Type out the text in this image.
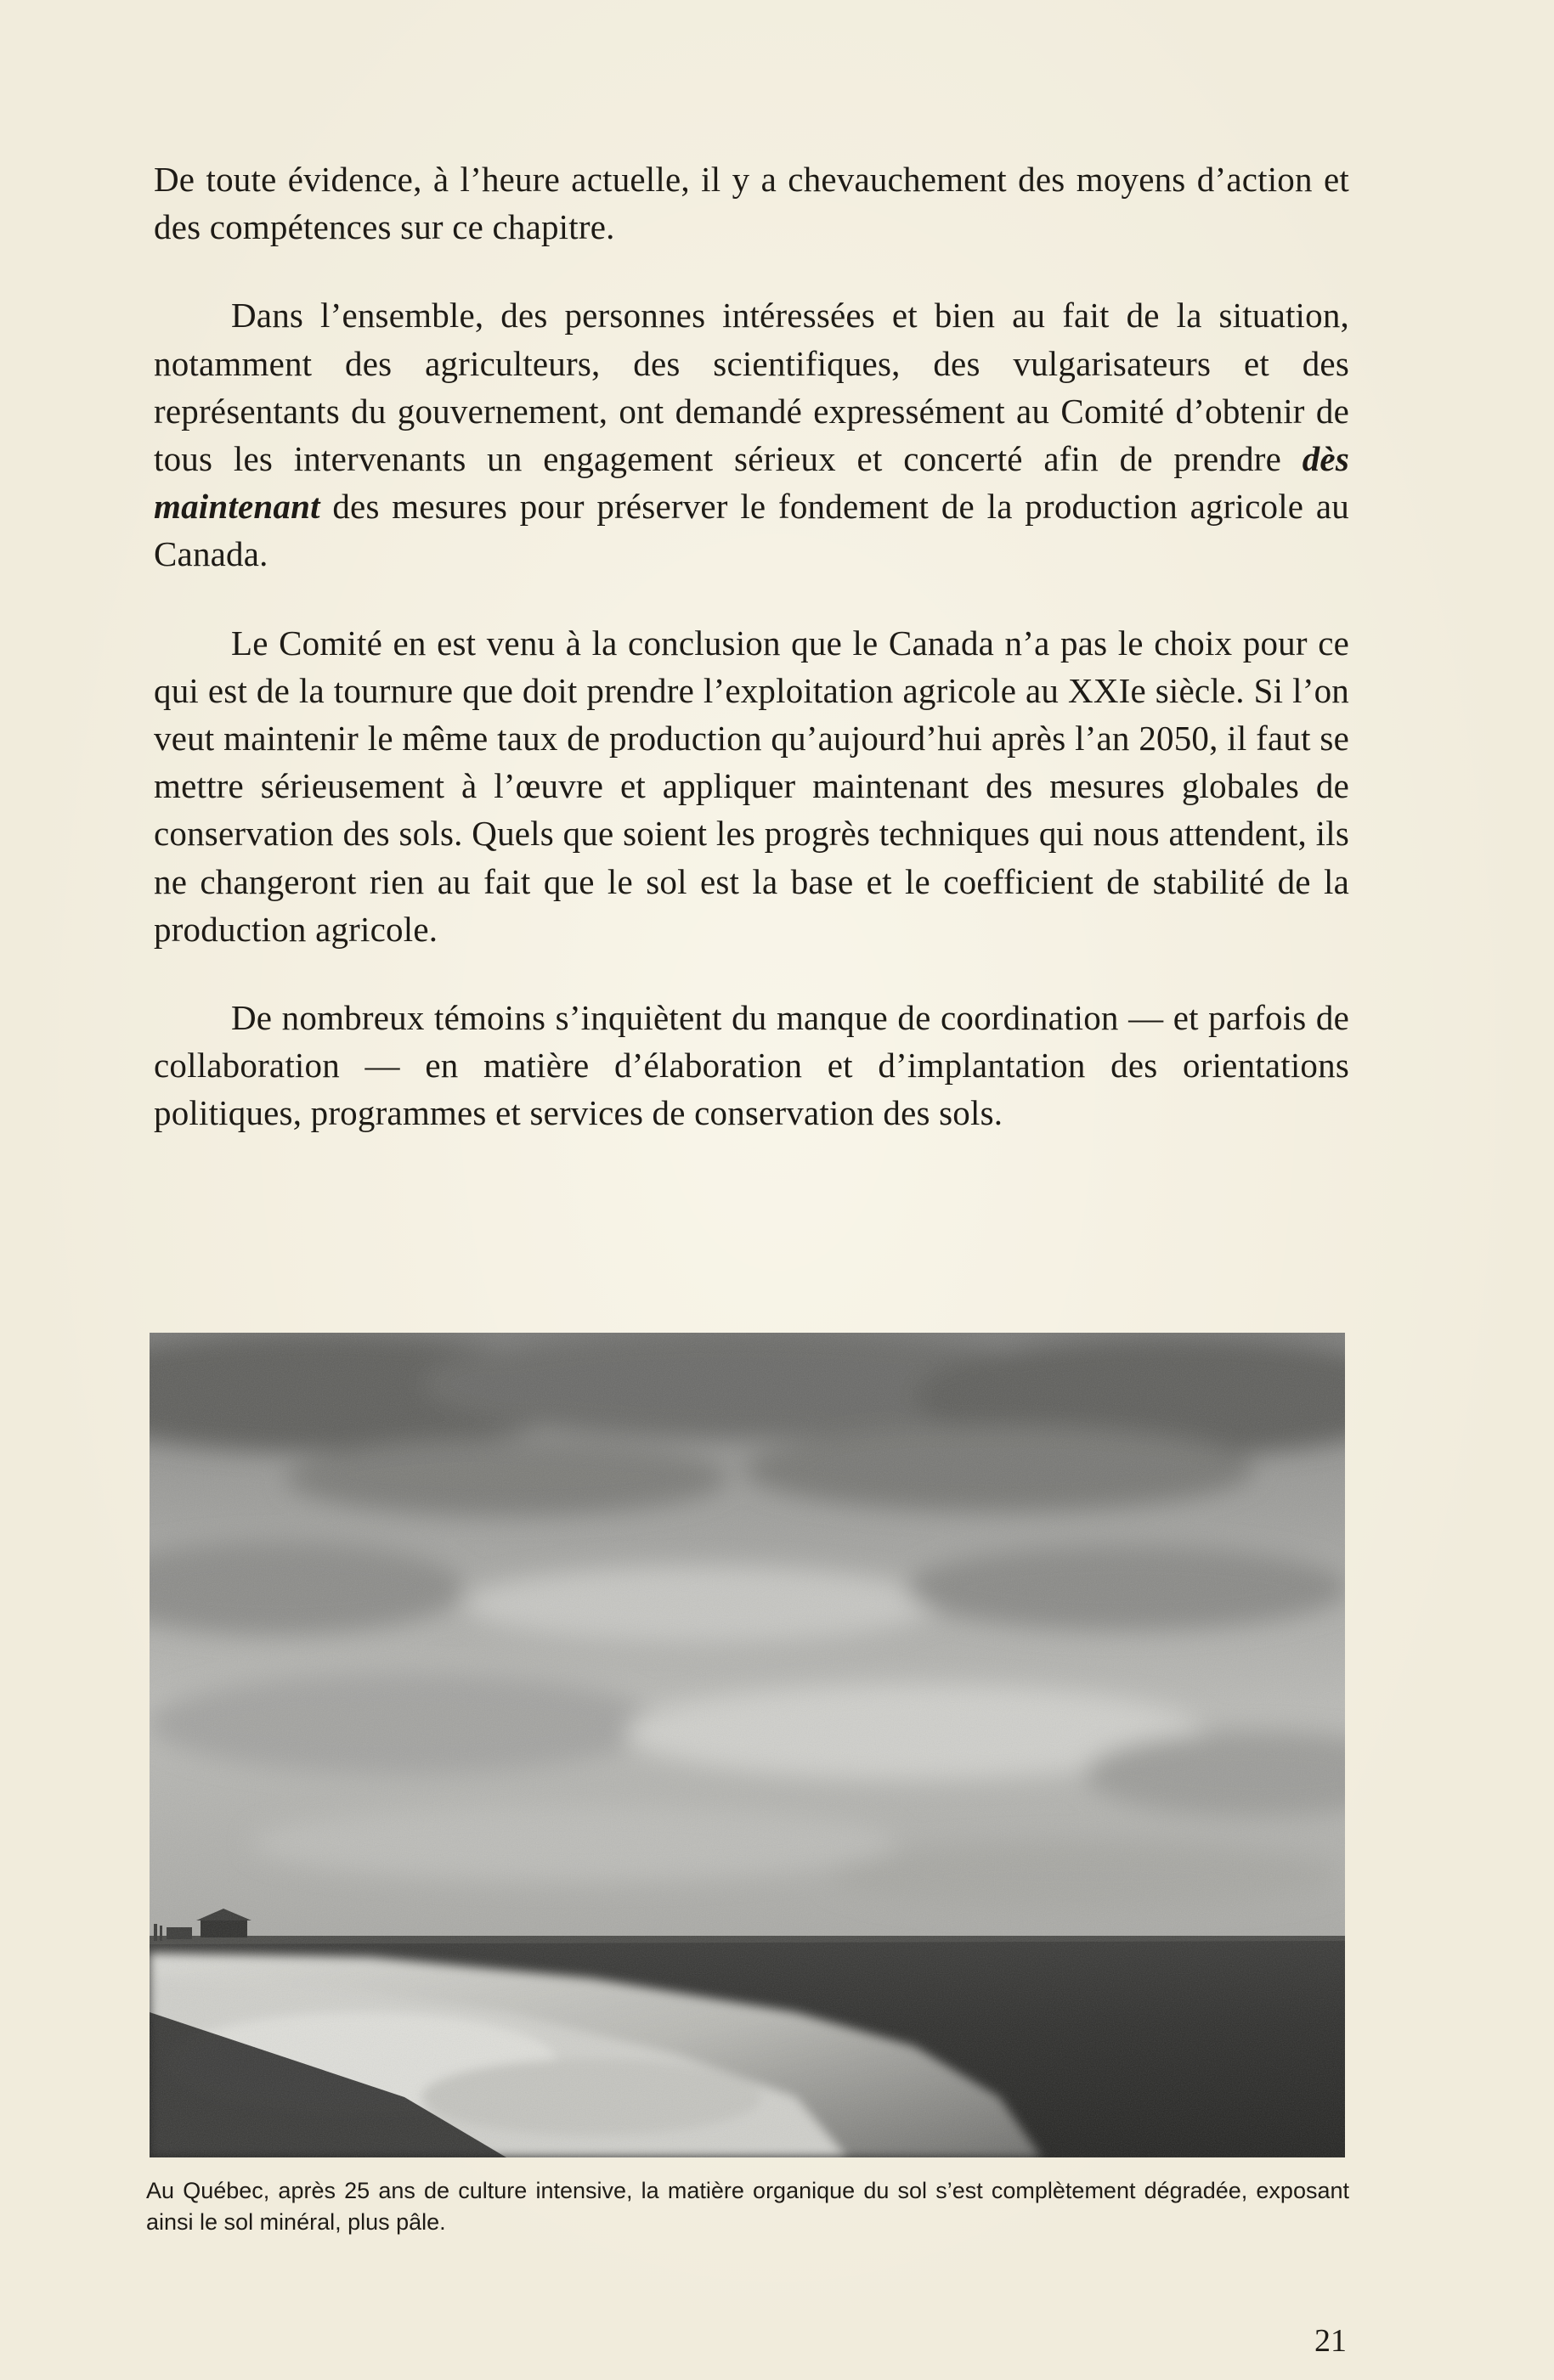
De toute évidence, à l’heure actuelle, il y a chevauchement des moyens d’action et des compétences sur ce chapitre.

Dans l’ensemble, des personnes intéressées et bien au fait de la situation, notamment des agriculteurs, des scientifiques, des vulgarisateurs et des représentants du gouvernement, ont demandé expressément au Comité d’obtenir de tous les intervenants un engagement sérieux et concerté afin de prendre dès maintenant des mesures pour préserver le fondement de la production agricole au Canada.

Le Comité en est venu à la conclusion que le Canada n’a pas le choix pour ce qui est de la tournure que doit prendre l’exploitation agricole au XXIe siècle. Si l’on veut maintenir le même taux de production qu’aujourd’hui après l’an 2050, il faut se mettre sérieusement à l’œuvre et appliquer maintenant des mesures globales de conservation des sols. Quels que soient les progrès techniques qui nous attendent, ils ne changeront rien au fait que le sol est la base et le coefficient de stabilité de la production agricole.

De nombreux témoins s’inquiètent du manque de coordination — et parfois de collaboration — en matière d’élaboration et d’implantation des orientations politiques, programmes et services de conservation des sols.

Au Québec, après 25 ans de culture intensive, la matière organique du sol s’est complètement dégradée, exposant ainsi le sol minéral, plus pâle.
21
